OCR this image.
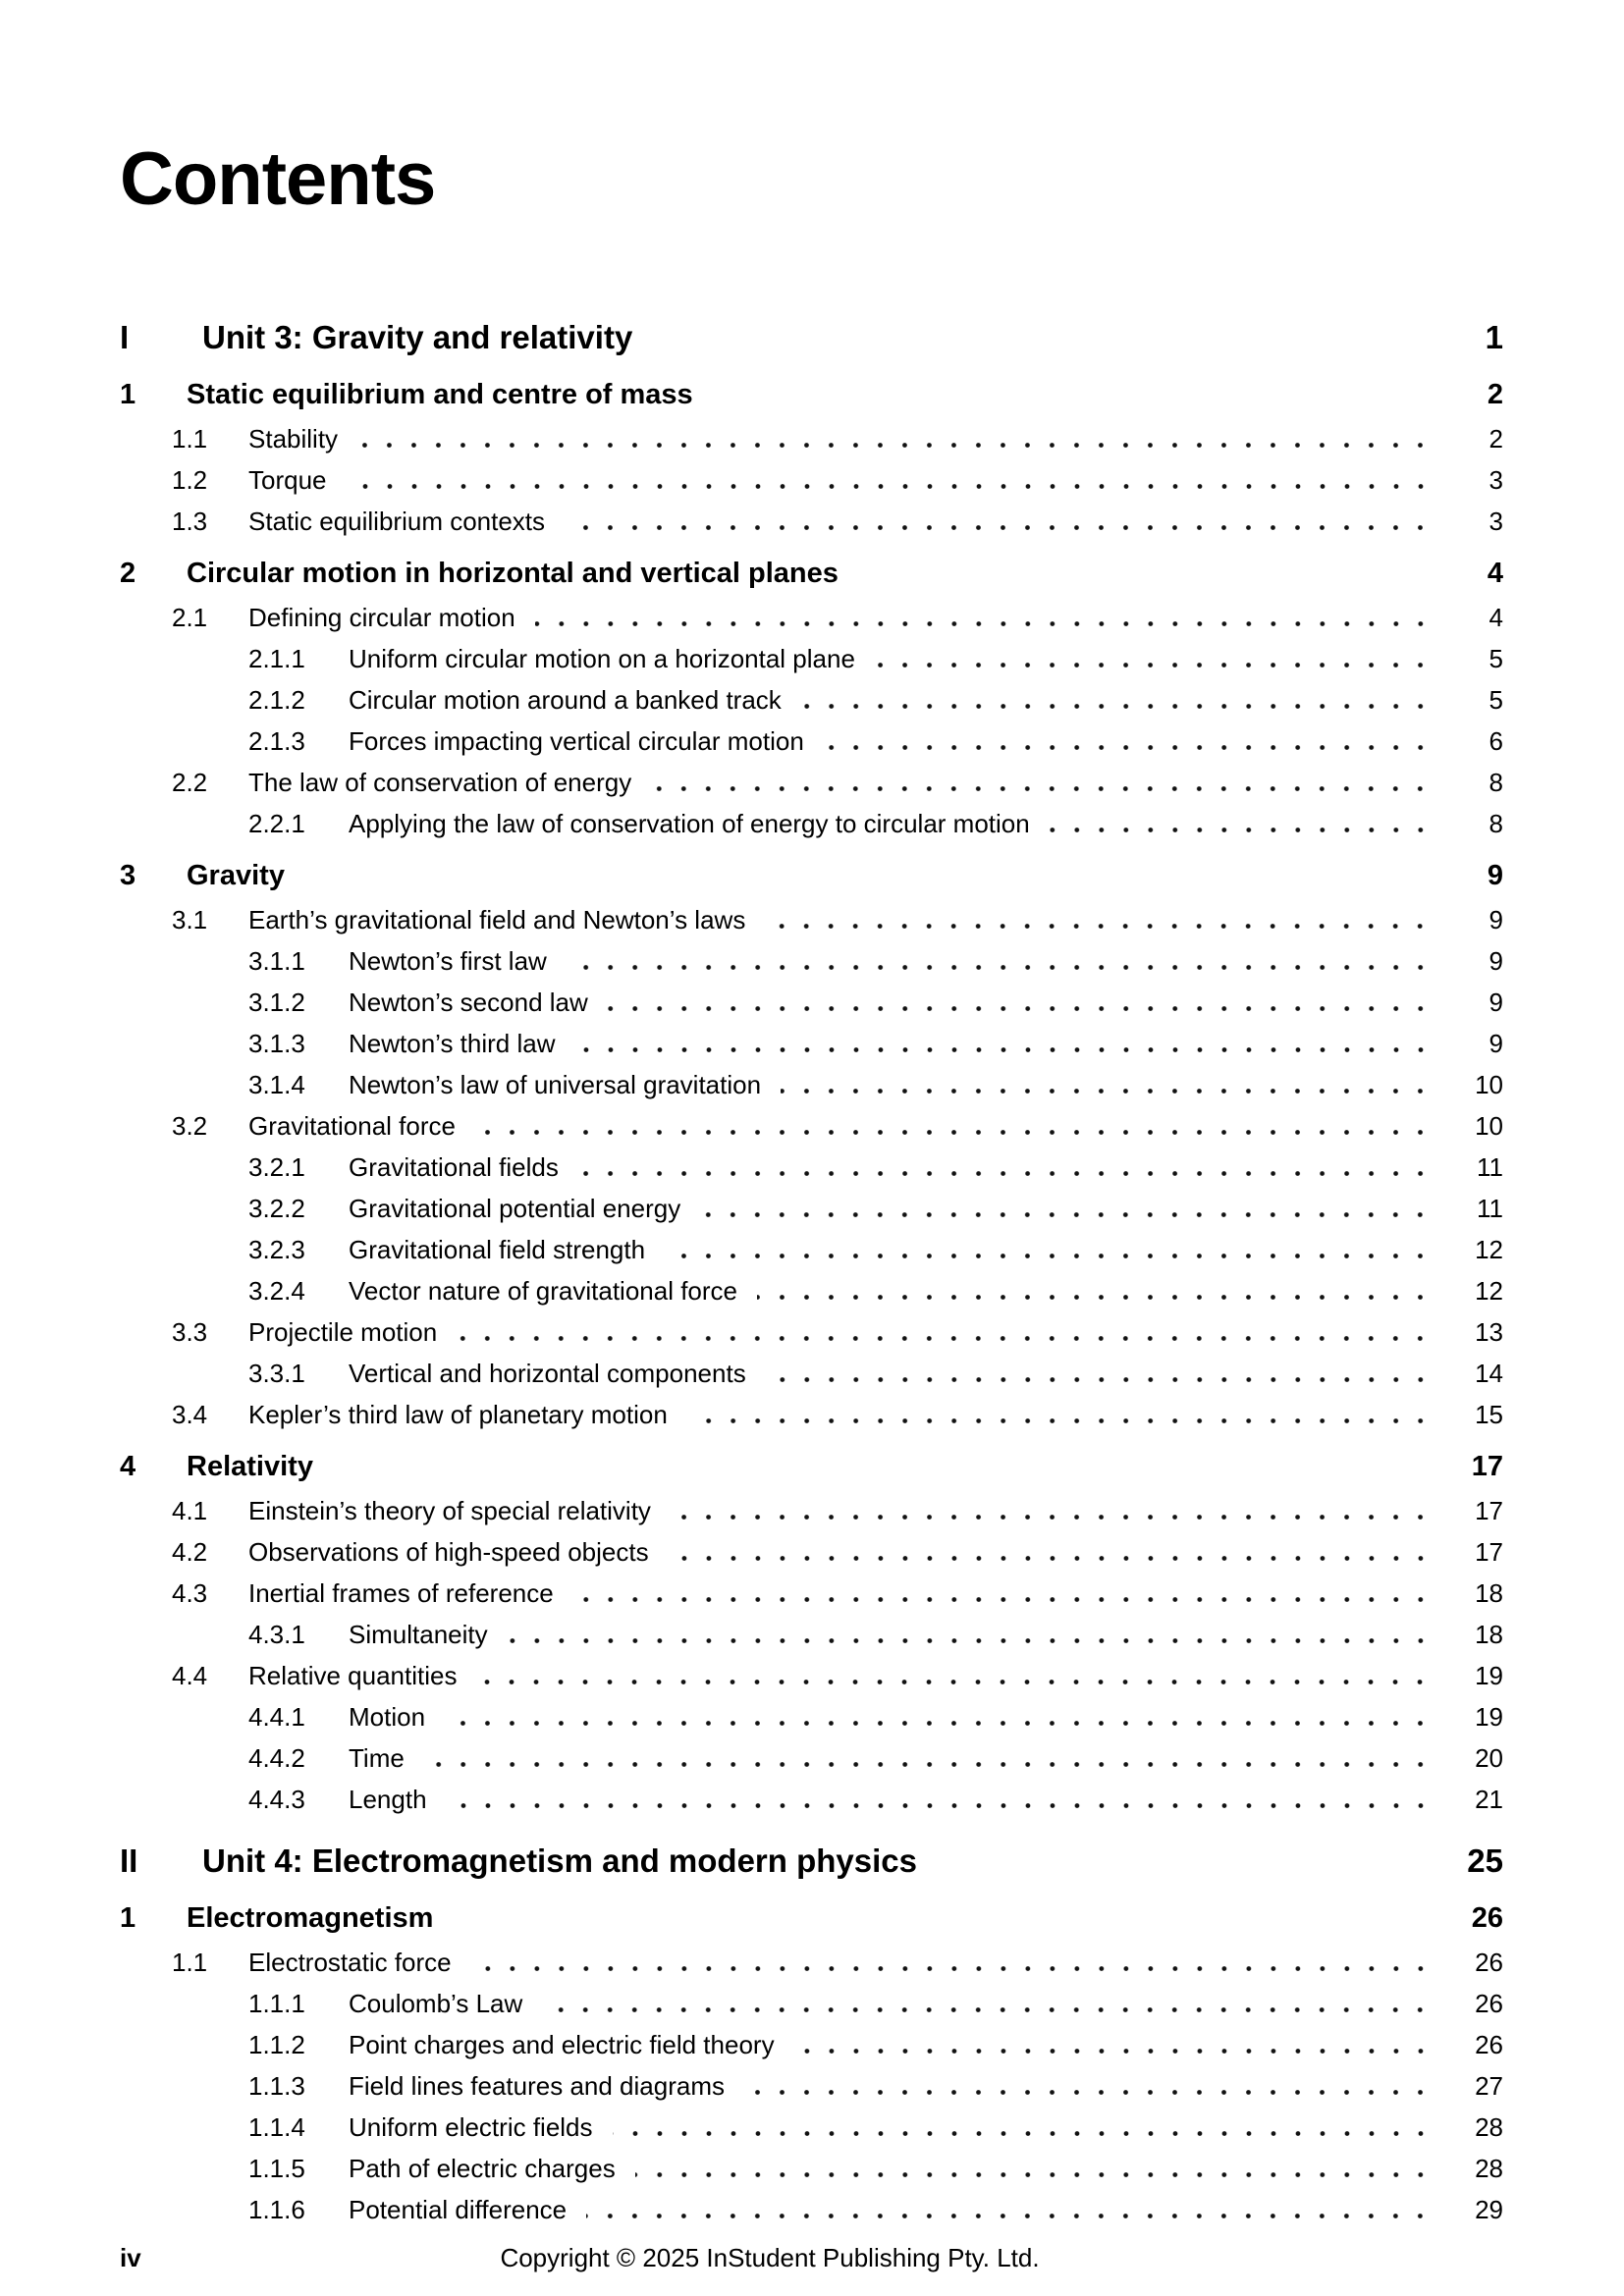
Contents
I	Unit 3: Gravity and relativity	1
1	Static equilibrium and centre of mass	2
1.1	Stability	2
1.2	Torque	3
1.3	Static equilibrium contexts	3
2	Circular motion in horizontal and vertical planes	4
2.1	Defining circular motion	4
2.1.1	Uniform circular motion on a horizontal plane	5
2.1.2	Circular motion around a banked track	5
2.1.3	Forces impacting vertical circular motion	6
2.2	The law of conservation of energy	8
2.2.1	Applying the law of conservation of energy to circular motion	8
3	Gravity	9
3.1	Earth’s gravitational field and Newton’s laws	9
3.1.1	Newton’s first law	9
3.1.2	Newton’s second law	9
3.1.3	Newton’s third law	9
3.1.4	Newton’s law of universal gravitation	10
3.2	Gravitational force	10
3.2.1	Gravitational fields	11
3.2.2	Gravitational potential energy	11
3.2.3	Gravitational field strength	12
3.2.4	Vector nature of gravitational force	12
3.3	Projectile motion	13
3.3.1	Vertical and horizontal components	14
3.4	Kepler’s third law of planetary motion	15
4	Relativity	17
4.1	Einstein’s theory of special relativity	17
4.2	Observations of high-speed objects	17
4.3	Inertial frames of reference	18
4.3.1	Simultaneity	18
4.4	Relative quantities	19
4.4.1	Motion	19
4.4.2	Time	20
4.4.3	Length	21
II	Unit 4: Electromagnetism and modern physics	25
1	Electromagnetism	26
1.1	Electrostatic force	26
1.1.1	Coulomb’s Law	26
1.1.2	Point charges and electric field theory	26
1.1.3	Field lines features and diagrams	27
1.1.4	Uniform electric fields	28
1.1.5	Path of electric charges	28
1.1.6	Potential difference	29
iv	Copyright © 2025 InStudent Publishing Pty. Ltd.
